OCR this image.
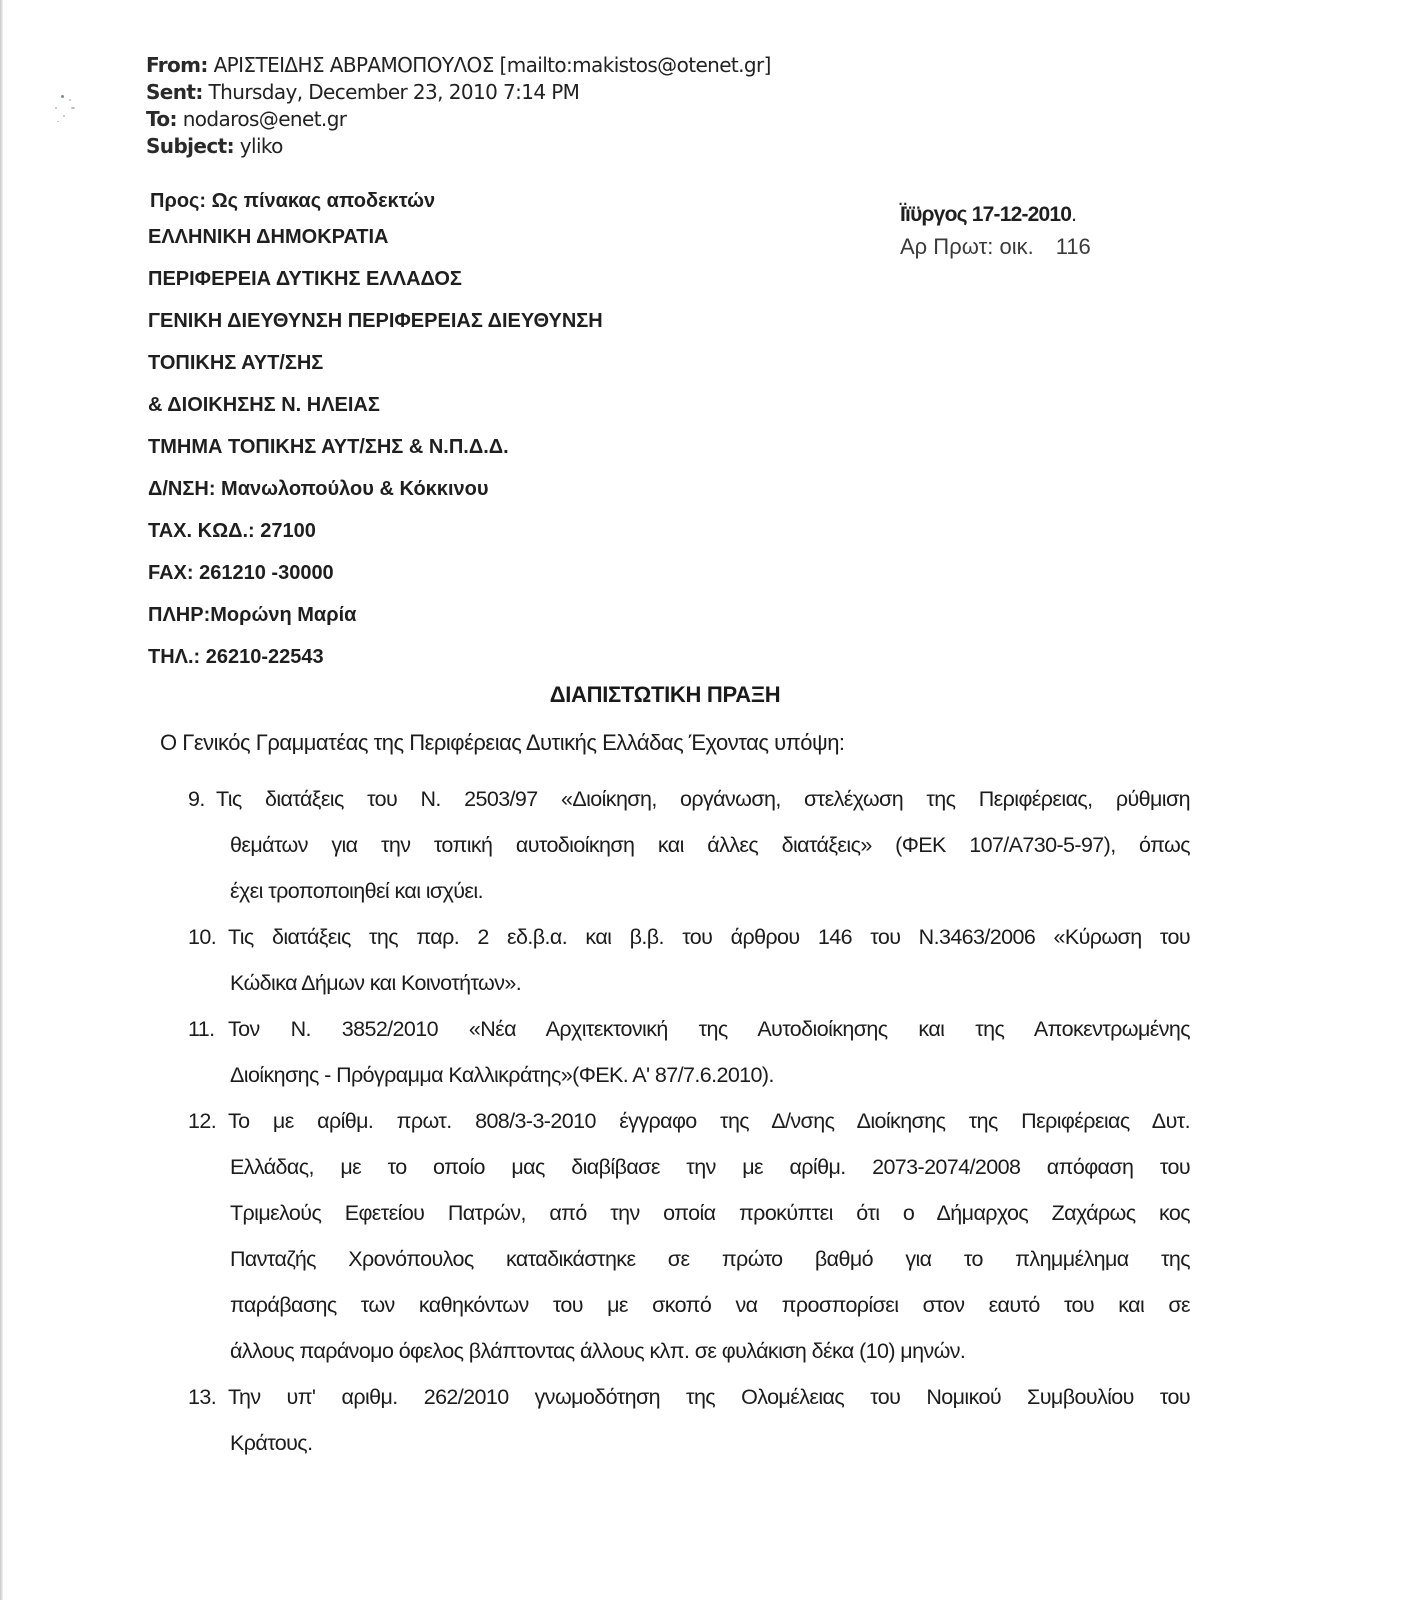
From: ΑΡΙΣΤΕΙΔΗΣ ΑΒΡΑΜΟΠΟΥΛΟΣ [mailto:makistos@otenet.gr]
Sent: Thursday, December 23, 2010 7:14 PM
To: nodaros@enet.gr
Subject: yliko
Προς: Ως πίνακας αποδεκτών
ΕΛΛΗΝΙΚΗ ΔΗΜΟΚΡΑΤΙΑ
ΠΕΡΙΦΕΡΕΙΑ ΔΥΤΙΚΗΣ ΕΛΛΑΔΟΣ
ΓΕΝΙΚΗ ΔΙΕΥΘΥΝΣΗ ΠΕΡΙΦΕΡΕΙΑΣ ΔΙΕΥΘΥΝΣΗ
ΤΟΠΙΚΗΣ ΑΥΤ/ΣΗΣ
& ΔΙΟΙΚΗΣΗΣ Ν. ΗΛΕΙΑΣ
ΤΜΗΜΑ ΤΟΠΙΚΗΣ ΑΥΤ/ΣΗΣ & Ν.Π.Δ.Δ.
Δ/ΝΣΗ: Μανωλοπούλου & Κόκκινου
ΤΑΧ. ΚΩΔ.: 27100
FAX: 261210 -30000
ΠΛΗΡ:Μορώνη Μαρία
ΤΗΛ.: 26210-22543
Ïïϋργος 17-12-2010.
Αρ Πρωτ: οικ. 116
ΔΙΑΠΙΣΤΩΤΙΚΗ ΠΡΑΞΗ
Ο Γενικός Γραμματέας της Περιφέρειας Δυτικής Ελλάδας Έχοντας υπόψη:
9. Τις διατάξεις του Ν. 2503/97 «Διοίκηση, οργάνωση, στελέχωση της Περιφέρειας, ρύθμιση
θεμάτων για την τοπική αυτοδιοίκηση και άλλες διατάξεις» (ΦΕΚ 107/Α730-5-97), όπως
έχει τροποποιηθεί και ισχύει.
10. Τις διατάξεις της παρ. 2 εδ.β.α. και β.β. του άρθρου 146 του Ν.3463/2006 «Κύρωση του
Κώδικα Δήμων και Κοινοτήτων».
11. Τον Ν. 3852/2010 «Νέα Αρχιτεκτονική της Αυτοδιοίκησης και της Αποκεντρωμένης
Διοίκησης - Πρόγραμμα Καλλικράτης»(ΦΕΚ. Α' 87/7.6.2010).
12. Το με αρίθμ. πρωτ. 808/3-3-2010 έγγραφο της Δ/νσης Διοίκησης της Περιφέρειας Δυτ.
Ελλάδας, με το οποίο μας διαβίβασε την με αρίθμ. 2073-2074/2008 απόφαση του
Τριμελούς Εφετείου Πατρών, από την οποία προκύπτει ότι ο Δήμαρχος Ζαχάρως κος
Πανταζής Χρονόπουλος καταδικάστηκε σε πρώτο βαθμό για το πλημμέλημα της
παράβασης των καθηκόντων του με σκοπό να προσπορίσει στον εαυτό του και σε
άλλους παράνομο όφελος βλάπτοντας άλλους κλπ. σε φυλάκιση δέκα (10) μηνών.
13. Την υπ' αριθμ. 262/2010 γνωμοδότηση της Ολομέλειας του Νομικού Συμβουλίου του
Κράτους.
